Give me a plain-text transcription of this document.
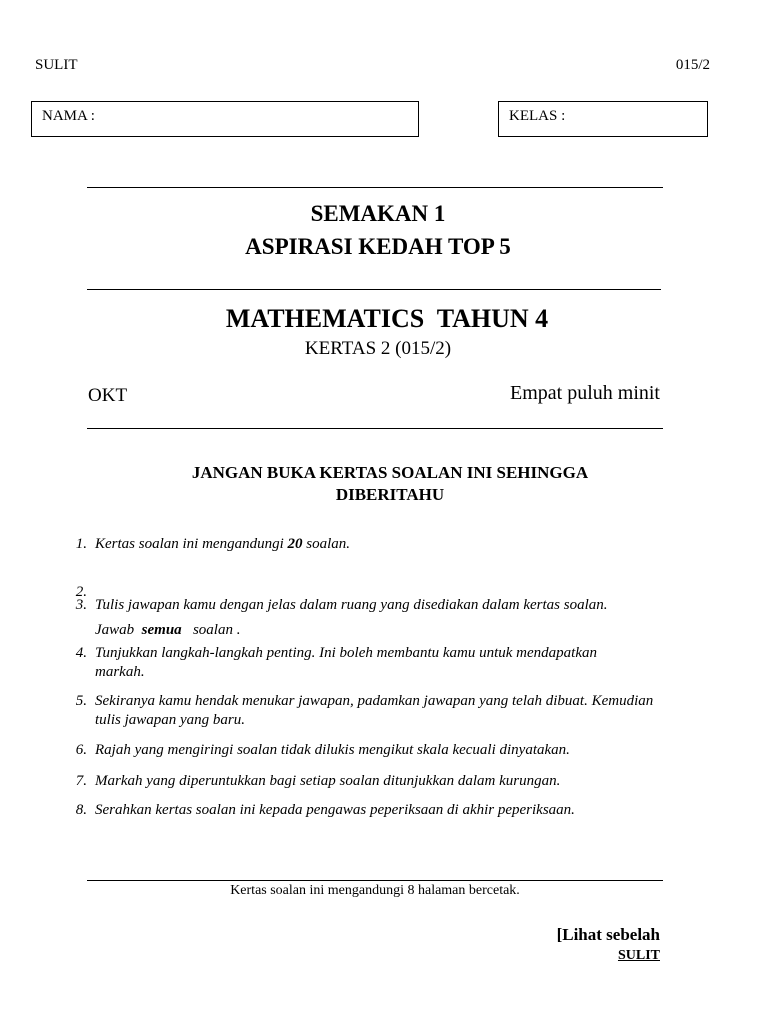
SULIT	015/2
NAMA :	KELAS :
SEMAKAN 1
ASPIRASI KEDAH TOP 5
MATHEMATICS  TAHUN 4
KERTAS 2 (015/2)
OKT	Empat puluh minit
JANGAN BUKA KERTAS SOALAN INI SEHINGGA
DIBERITAHU
1. Kertas soalan ini mengandungi 20 soalan.

2.

Jawab  semua   soalan .

3. Tulis jawapan kamu dengan jelas dalam ruang yang disediakan dalam kertas soalan.
4. Tunjukkan langkah-langkah penting. Ini boleh membantu kamu untuk mendapatkan markah.
5. Sekiranya kamu hendak menukar jawapan, padamkan jawapan yang telah dibuat. Kemudian tulis jawapan yang baru.
6. Rajah yang mengiringi soalan tidak dilukis mengikut skala kecuali dinyatakan.
7. Markah yang diperuntukkan bagi setiap soalan ditunjukkan dalam kurungan.
8. Serahkan kertas soalan ini kepada pengawas peperiksaan di akhir peperiksaan.
Kertas soalan ini mengandungi 8 halaman bercetak.
[Lihat sebelah
SULIT
